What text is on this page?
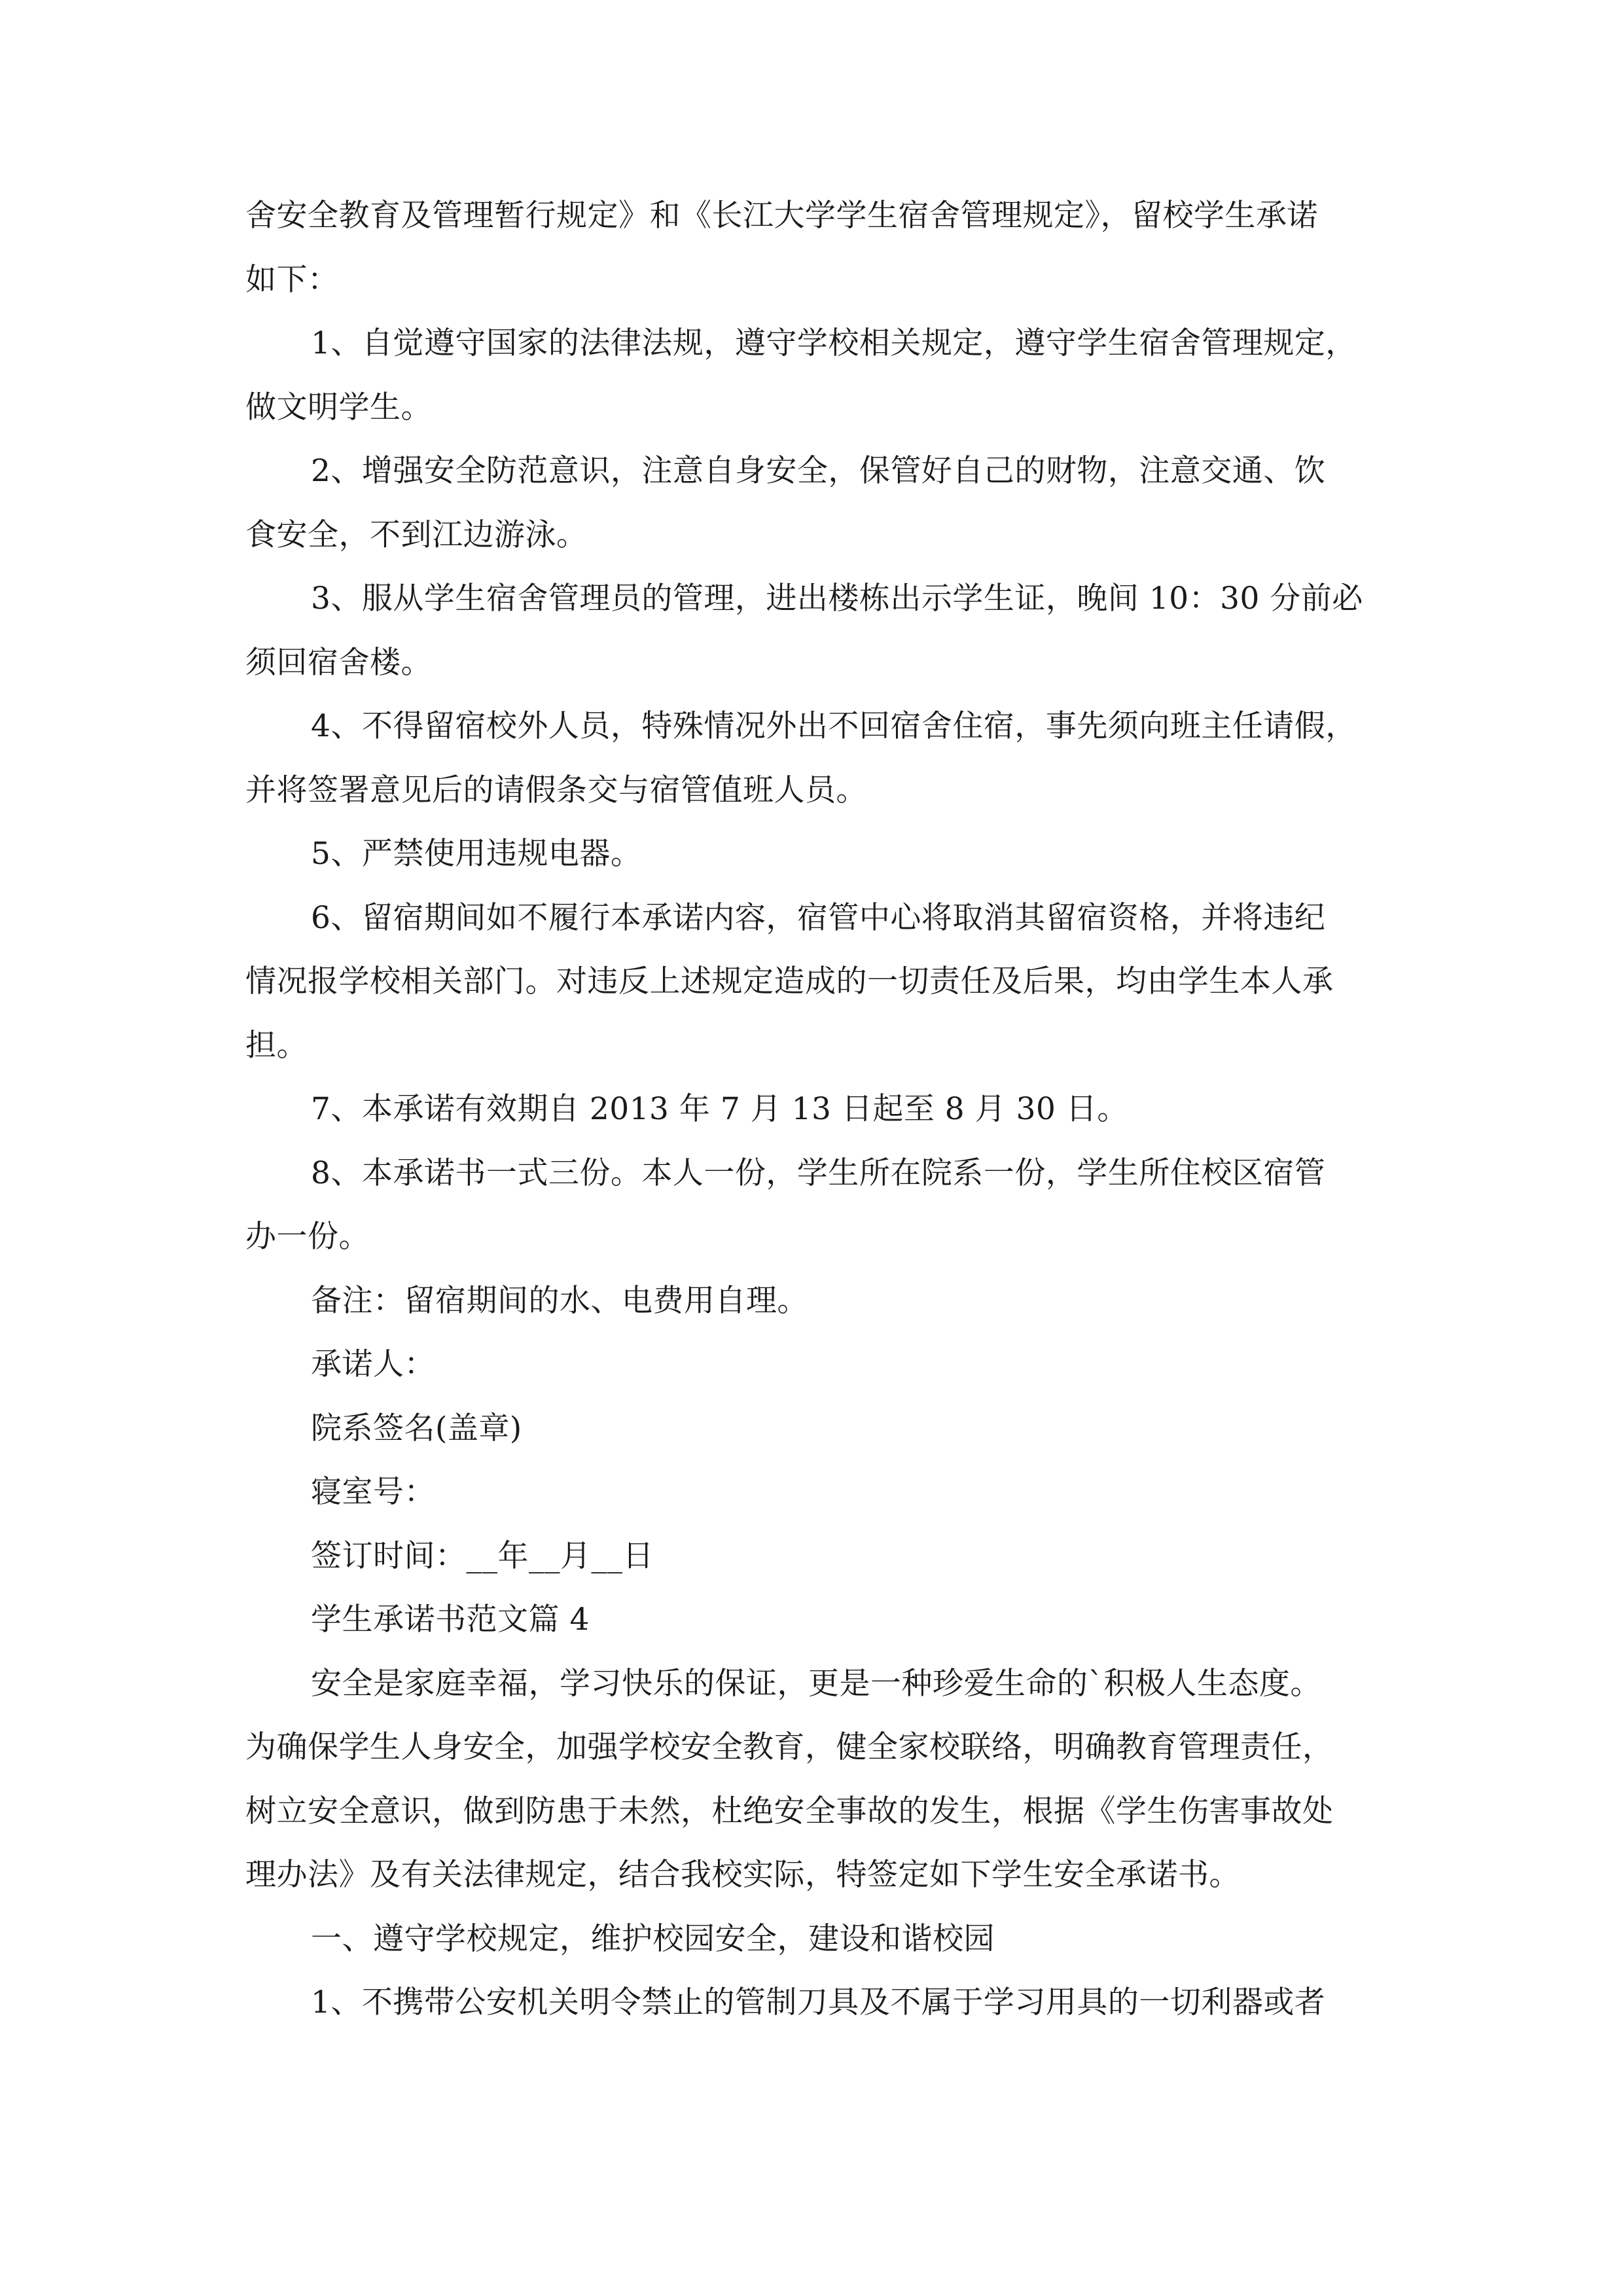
舍安全教育及管理暂行规定》和《长江大学学生宿舍管理规定》，留校学生承诺
如下：
1、自觉遵守国家的法律法规，遵守学校相关规定，遵守学生宿舍管理规定，
做文明学生。
2、增强安全防范意识，注意自身安全，保管好自己的财物，注意交通、饮
食安全，不到江边游泳。
3、服从学生宿舍管理员的管理，进出楼栋出示学生证，晚间 10：30 分前必
须回宿舍楼。
4、不得留宿校外人员，特殊情况外出不回宿舍住宿，事先须向班主任请假，
并将签署意见后的请假条交与宿管值班人员。
5、严禁使用违规电器。
6、留宿期间如不履行本承诺内容，宿管中心将取消其留宿资格，并将违纪
情况报学校相关部门。对违反上述规定造成的一切责任及后果，均由学生本人承
担。
7、本承诺有效期自 2013 年 7 月 13 日起至 8 月 30 日。
8、本承诺书一式三份。本人一份，学生所在院系一份，学生所住校区宿管
办一份。
备注：留宿期间的水、电费用自理。
承诺人：
院系签名(盖章)
寝室号：
签订时间：__年__月__日
学生承诺书范文篇 4
安全是家庭幸福，学习快乐的保证，更是一种珍爱生命的`积极人生态度。
为确保学生人身安全，加强学校安全教育，健全家校联络，明确教育管理责任，
树立安全意识，做到防患于未然，杜绝安全事故的发生，根据《学生伤害事故处
理办法》及有关法律规定，结合我校实际，特签定如下学生安全承诺书。
一、遵守学校规定，维护校园安全，建设和谐校园
1、不携带公安机关明令禁止的管制刀具及不属于学习用具的一切利器或者
